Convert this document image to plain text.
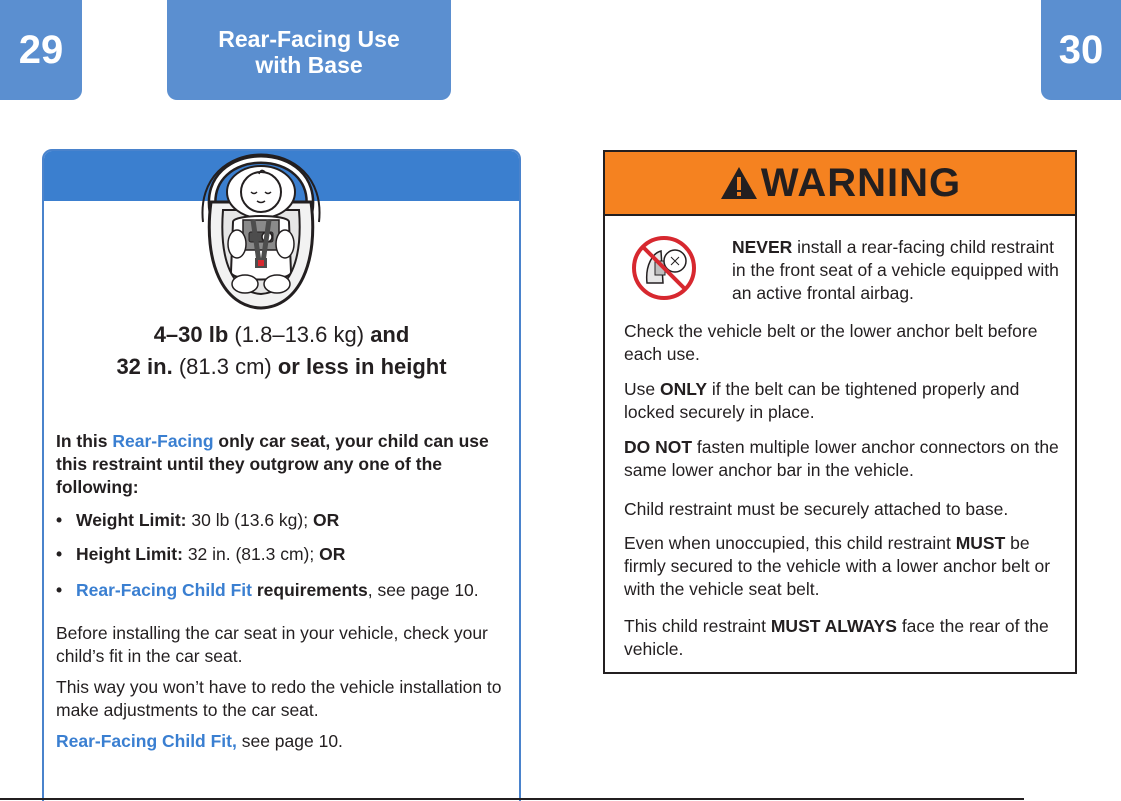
29	Rear-Facing Use
with Base	30
4–30 lb (1.8–13.6 kg) and
32 in. (81.3 cm) or less in height
In this Rear-Facing only car seat, your child can use this restraint until they outgrow any one of the following:
• Weight Limit: 30 lb (13.6 kg); OR
• Height Limit: 32 in. (81.3 cm); OR
• Rear-Facing Child Fit requirements, see page 10.
Before installing the car seat in your vehicle, check your child’s fit in the car seat.
This way you won’t have to redo the vehicle installation to make adjustments to the car seat.
Rear-Facing Child Fit, see page 10.
WARNING
NEVER install a rear-facing child restraint in the front seat of a vehicle equipped with an active frontal airbag.
Check the vehicle belt or the lower anchor belt before each use.
Use ONLY if the belt can be tightened properly and locked securely in place.
DO NOT fasten multiple lower anchor connectors on the same lower anchor bar in the vehicle.
Child restraint must be securely attached to base.
Even when unoccupied, this child restraint MUST be firmly secured to the vehicle with a lower anchor belt or with the vehicle seat belt.
This child restraint MUST ALWAYS face the rear of the vehicle.
